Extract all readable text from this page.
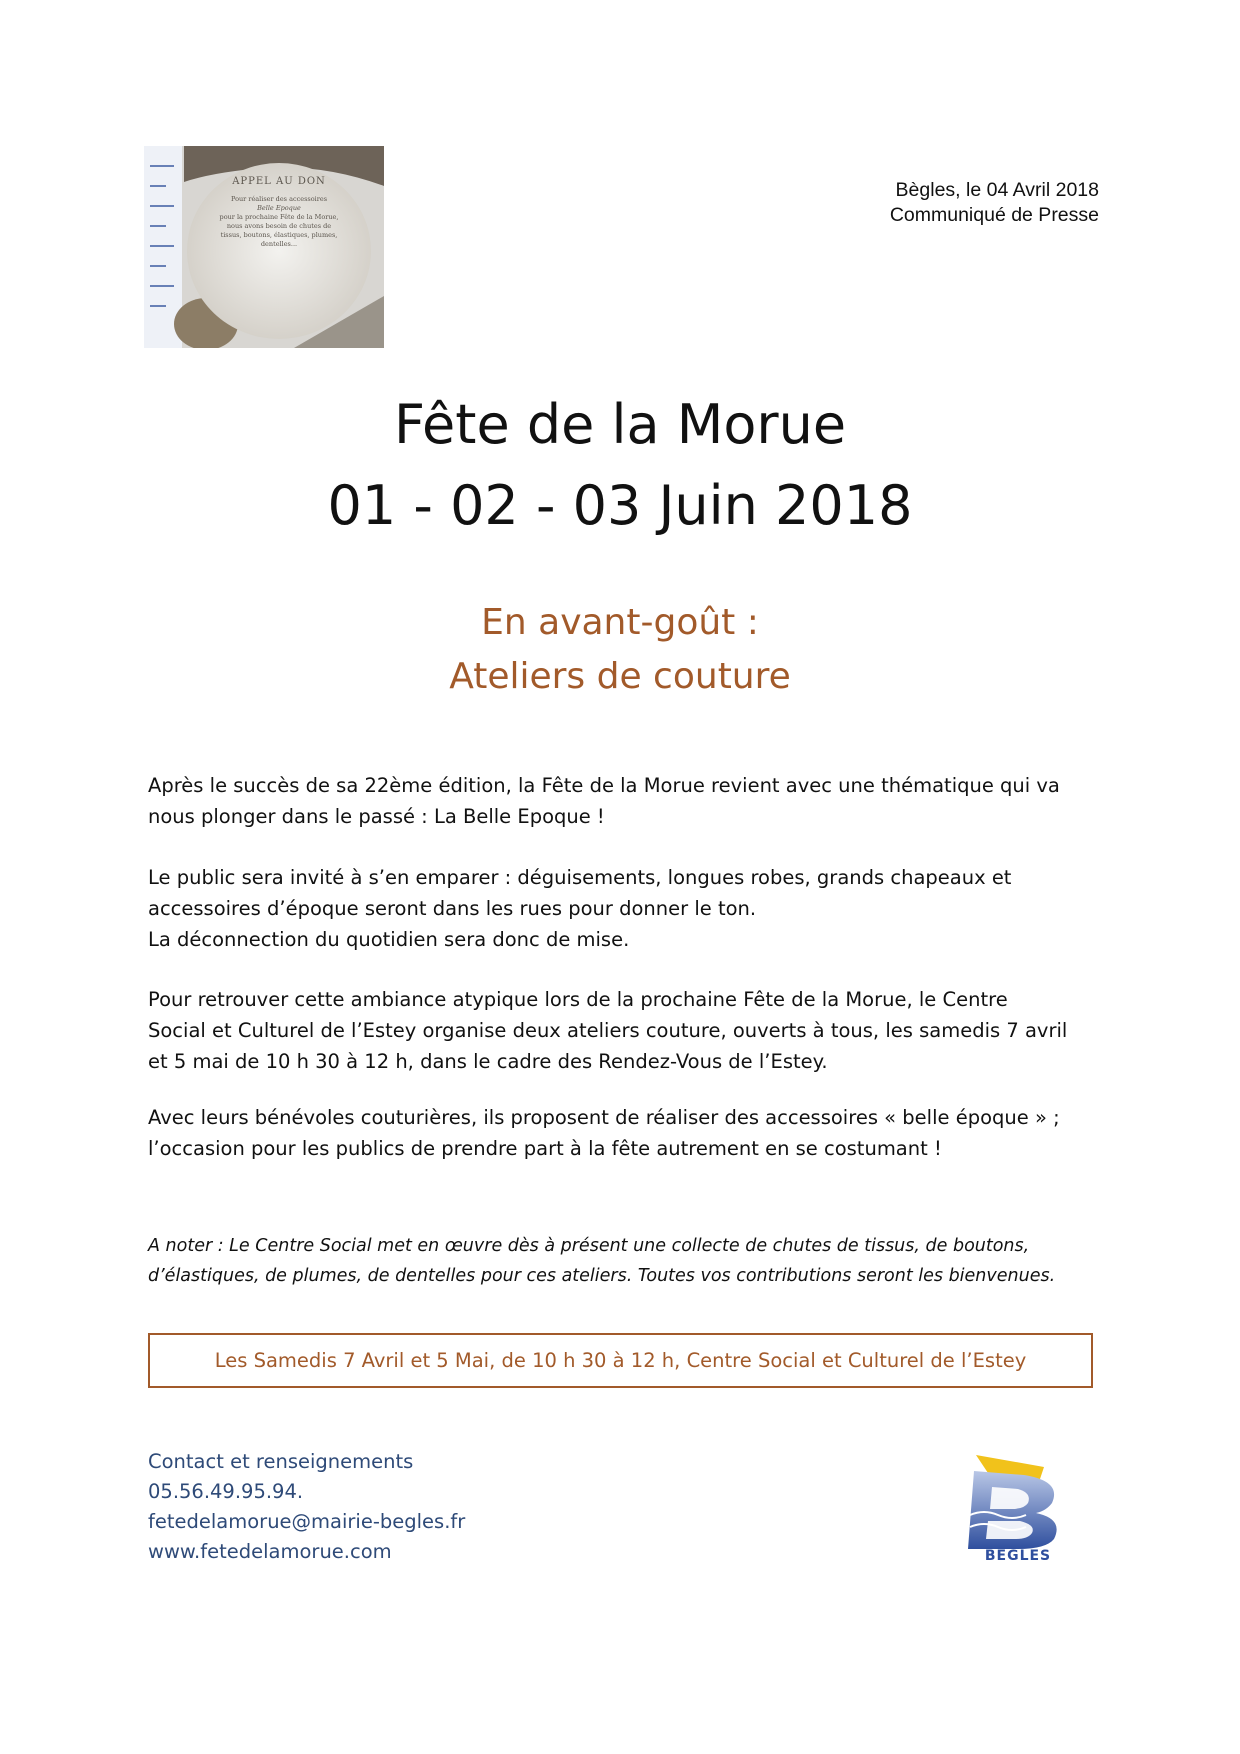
APPEL AU DON
Pour réaliser des accessoires
Belle Epoque
pour la prochaine Fête de la Morue,
nous avons besoin de chutes de
tissus, boutons, élastiques, plumes,
dentelles...
Bègles, le 04 Avril 2018
Communiqué de Presse
Fête de la Morue
01 - 02 - 03 Juin 2018
En avant-goût :
Ateliers de couture
Après le succès de sa 22ème édition, la Fête de la Morue revient avec une thématique qui va
nous plonger dans le passé : La Belle Epoque !
Le public sera invité à s’en emparer : déguisements, longues robes, grands chapeaux et
accessoires d’époque seront dans les rues pour donner le ton.
La déconnection du quotidien sera donc de mise.
Pour retrouver cette ambiance atypique lors de la prochaine Fête de la Morue, le Centre
Social et Culturel de l’Estey organise deux ateliers couture, ouverts à tous, les samedis 7 avril
et 5 mai de 10 h 30 à 12 h, dans le cadre des Rendez-Vous de l’Estey.
Avec leurs bénévoles couturières, ils proposent de réaliser des accessoires « belle époque » ;
l’occasion pour les publics de prendre part à la fête autrement en se costumant !
A noter : Le Centre Social met en œuvre dès à présent une collecte de chutes de tissus, de boutons,
d’élastiques, de plumes, de dentelles pour ces ateliers. Toutes vos contributions seront les bienvenues.
Les Samedis 7 Avril et 5 Mai, de 10 h 30 à 12 h, Centre Social et Culturel de l’Estey
Contact et renseignements
05.56.49.95.94.
fetedelamorue@mairie-begles.fr
www.fetedelamorue.com	BEGLES
